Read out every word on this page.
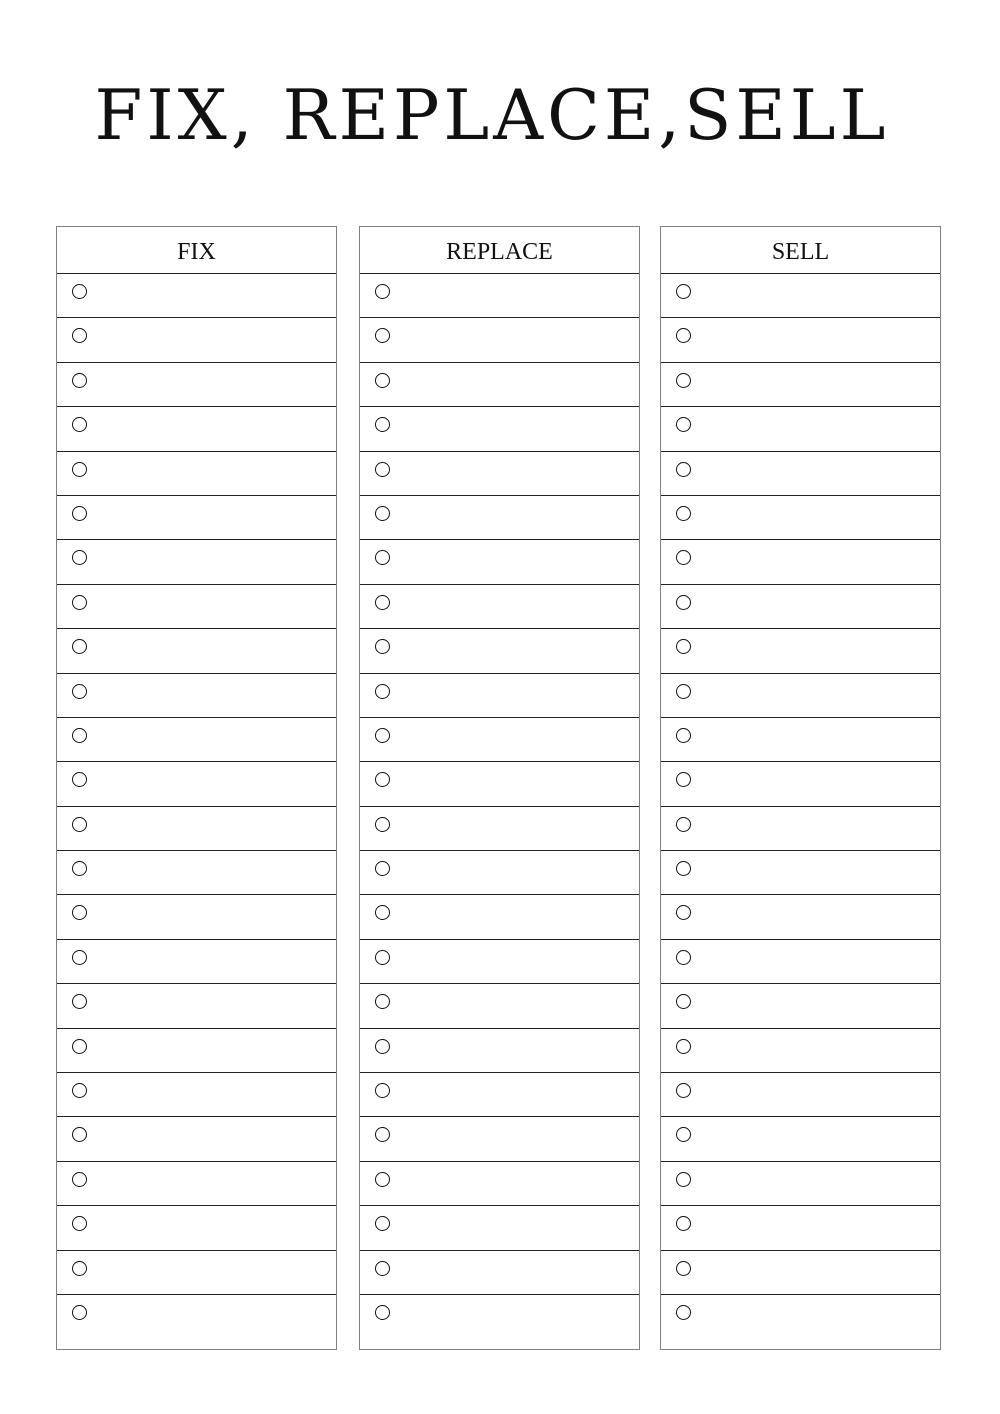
FIX, REPLACE,SELL
FIX	REPLACE	SELL
